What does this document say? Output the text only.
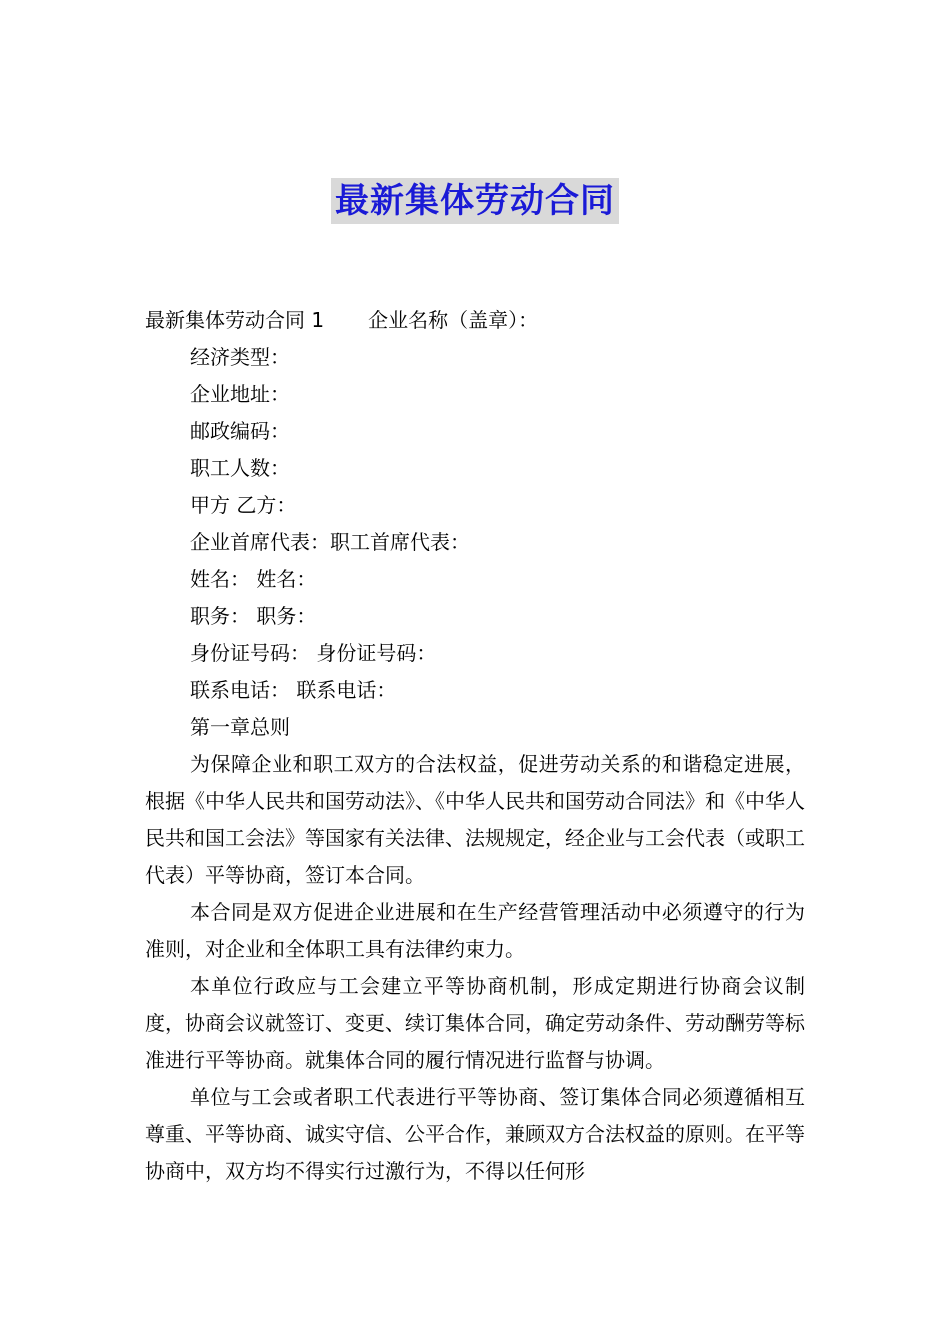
最新集体劳动合同
最新集体劳动合同 1 企业名称（盖章）：
经济类型：
企业地址：
邮政编码：
职工人数：
甲方 乙方：
企业首席代表：职工首席代表：
姓名： 姓名：
职务： 职务：
身份证号码： 身份证号码：
联系电话： 联系电话：
第一章总则

为保障企业和职工双方的合法权益，促进劳动关系的和谐稳定进展，根据《中华人民共和国劳动法》、《中华人民共和国劳动合同法》和《中华人民共和国工会法》等国家有关法律、法规规定，经企业与工会代表（或职工代表）平等协商，签订本合同。

本合同是双方促进企业进展和在生产经营管理活动中必须遵守的行为准则，对企业和全体职工具有法律约束力。

本单位行政应与工会建立平等协商机制，形成定期进行协商会议制度，协商会议就签订、变更、续订集体合同，确定劳动条件、劳动酬劳等标准进行平等协商。就集体合同的履行情况进行监督与协调。

单位与工会或者职工代表进行平等协商、签订集体合同必须遵循相互尊重、平等协商、诚实守信、公平合作，兼顾双方合法权益的原则。在平等协商中，双方均不得实行过激行为，不得以任何形
